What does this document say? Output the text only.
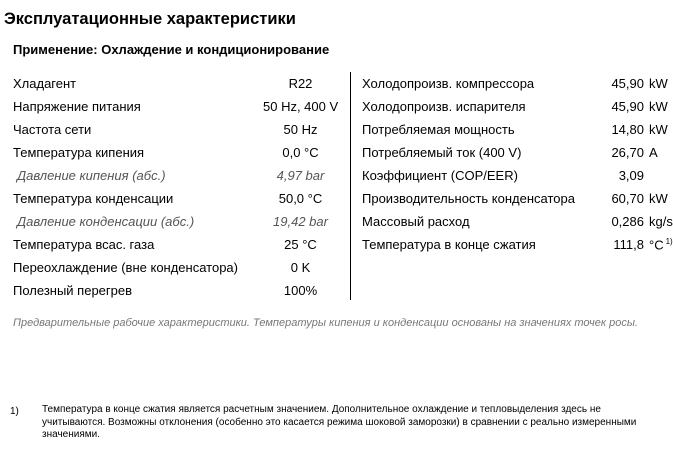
Эксплуатационные характеристики
Применение: Охлаждение и кондиционирование
Хладагент	R22
Напряжение питания	50 Hz, 400 V
Частота сети	50 Hz
Температура кипения	0,0 °C
Давление кипения (абс.)	4,97 bar
Температура конденсации	50,0 °C
Давление конденсации (абс.)	19,42 bar
Температура всас. газа	25 °C
Переохлаждение (вне конденсатора)	0 K
Полезный перегрев	100%
Холодопроизв. компрессора	45,90 kW
Холодопроизв. испарителя	45,90 kW
Потребляемая мощность	14,80 kW
Потребляемый ток (400 V)	26,70 A
Коэффициент (COP/EER)	3,09
Производительность конденсатора	60,70 kW
Массовый расход	0,286 kg/s
Температура в конце сжатия	111,8 °C $^{1)}$
Предварительные рабочие характеристики. Температуры кипения и конденсации основаны на значениях точек росы.
1) Температура в конце сжатия является расчетным значением. Дополнительное охлаждение и тепловыделения здесь не учитываются. Возможны отклонения (особенно это касается режима шоковой заморозки) в сравнении с реально измеренными значениями.
